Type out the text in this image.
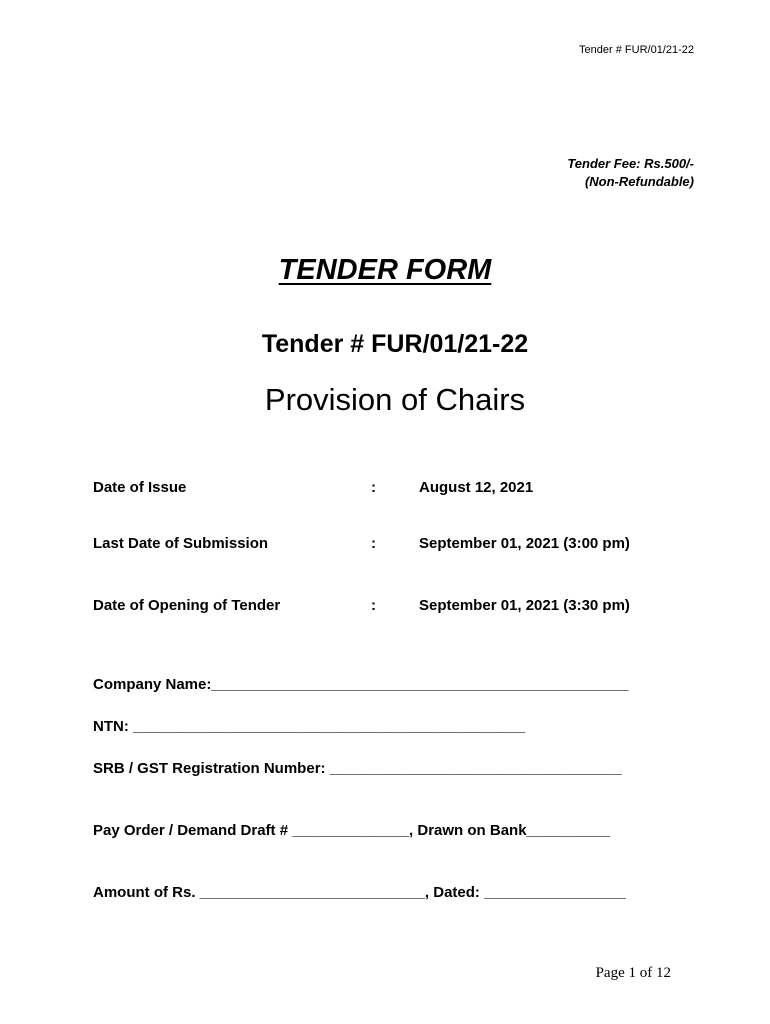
Tender # FUR/01/21-22
Tender Fee: Rs.500/-
(Non-Refundable)
TENDER FORM
Tender # FUR/01/21-22
Provision of Chairs
Date of Issue	:	August 12, 2021
Last Date of Submission	:	September 01, 2021 (3:00 pm)
Date of Opening of Tender	:	September 01, 2021 (3:30 pm)
Company Name:__________________________________________________
NTN: _______________________________________________
SRB / GST Registration Number: ___________________________________
Pay Order / Demand Draft # ______________, Drawn on Bank__________
Amount of Rs. ___________________________, Dated: _________________
Page 1 of 12
